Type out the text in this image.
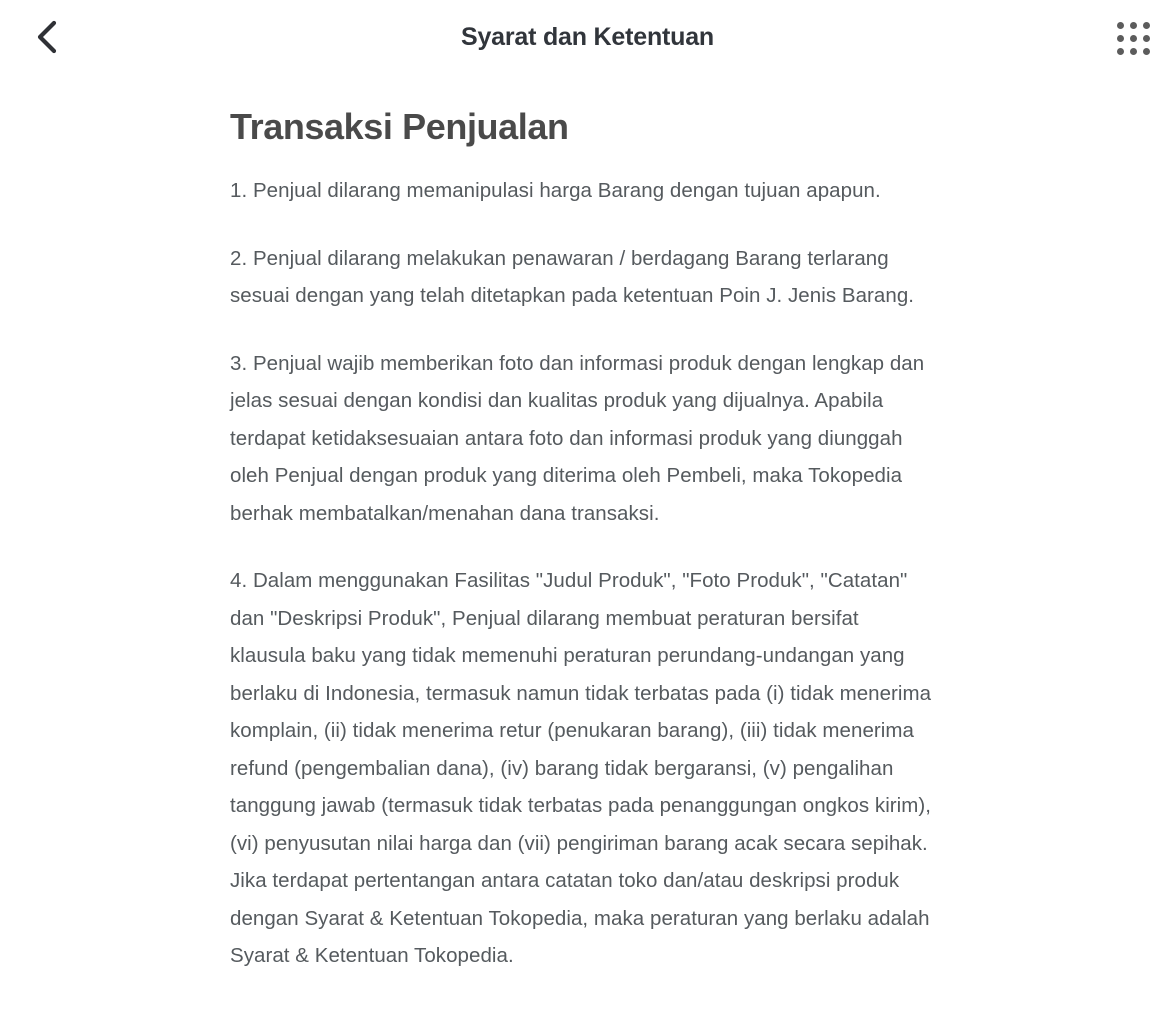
Syarat dan Ketentuan
Transaksi Penjualan

1. Penjual dilarang memanipulasi harga Barang dengan tujuan apapun.

2. Penjual dilarang melakukan penawaran / berdagang Barang terlarang sesuai dengan yang telah ditetapkan pada ketentuan Poin J. Jenis Barang.

3. Penjual wajib memberikan foto dan informasi produk dengan lengkap dan jelas sesuai dengan kondisi dan kualitas produk yang dijualnya. Apabila terdapat ketidaksesuaian antara foto dan informasi produk yang diunggah oleh Penjual dengan produk yang diterima oleh Pembeli, maka Tokopedia berhak membatalkan/menahan dana transaksi.

4. Dalam menggunakan Fasilitas "Judul Produk", "Foto Produk", "Catatan" dan "Deskripsi Produk", Penjual dilarang membuat peraturan bersifat klausula baku yang tidak memenuhi peraturan perundang-undangan yang berlaku di Indonesia, termasuk namun tidak terbatas pada (i) tidak menerima komplain, (ii) tidak menerima retur (penukaran barang), (iii) tidak menerima refund (pengembalian dana), (iv) barang tidak bergaransi, (v) pengalihan tanggung jawab (termasuk tidak terbatas pada penanggungan ongkos kirim), (vi) penyusutan nilai harga dan (vii) pengiriman barang acak secara sepihak. Jika terdapat pertentangan antara catatan toko dan/atau deskripsi produk dengan Syarat & Ketentuan Tokopedia, maka peraturan yang berlaku adalah Syarat & Ketentuan Tokopedia.
